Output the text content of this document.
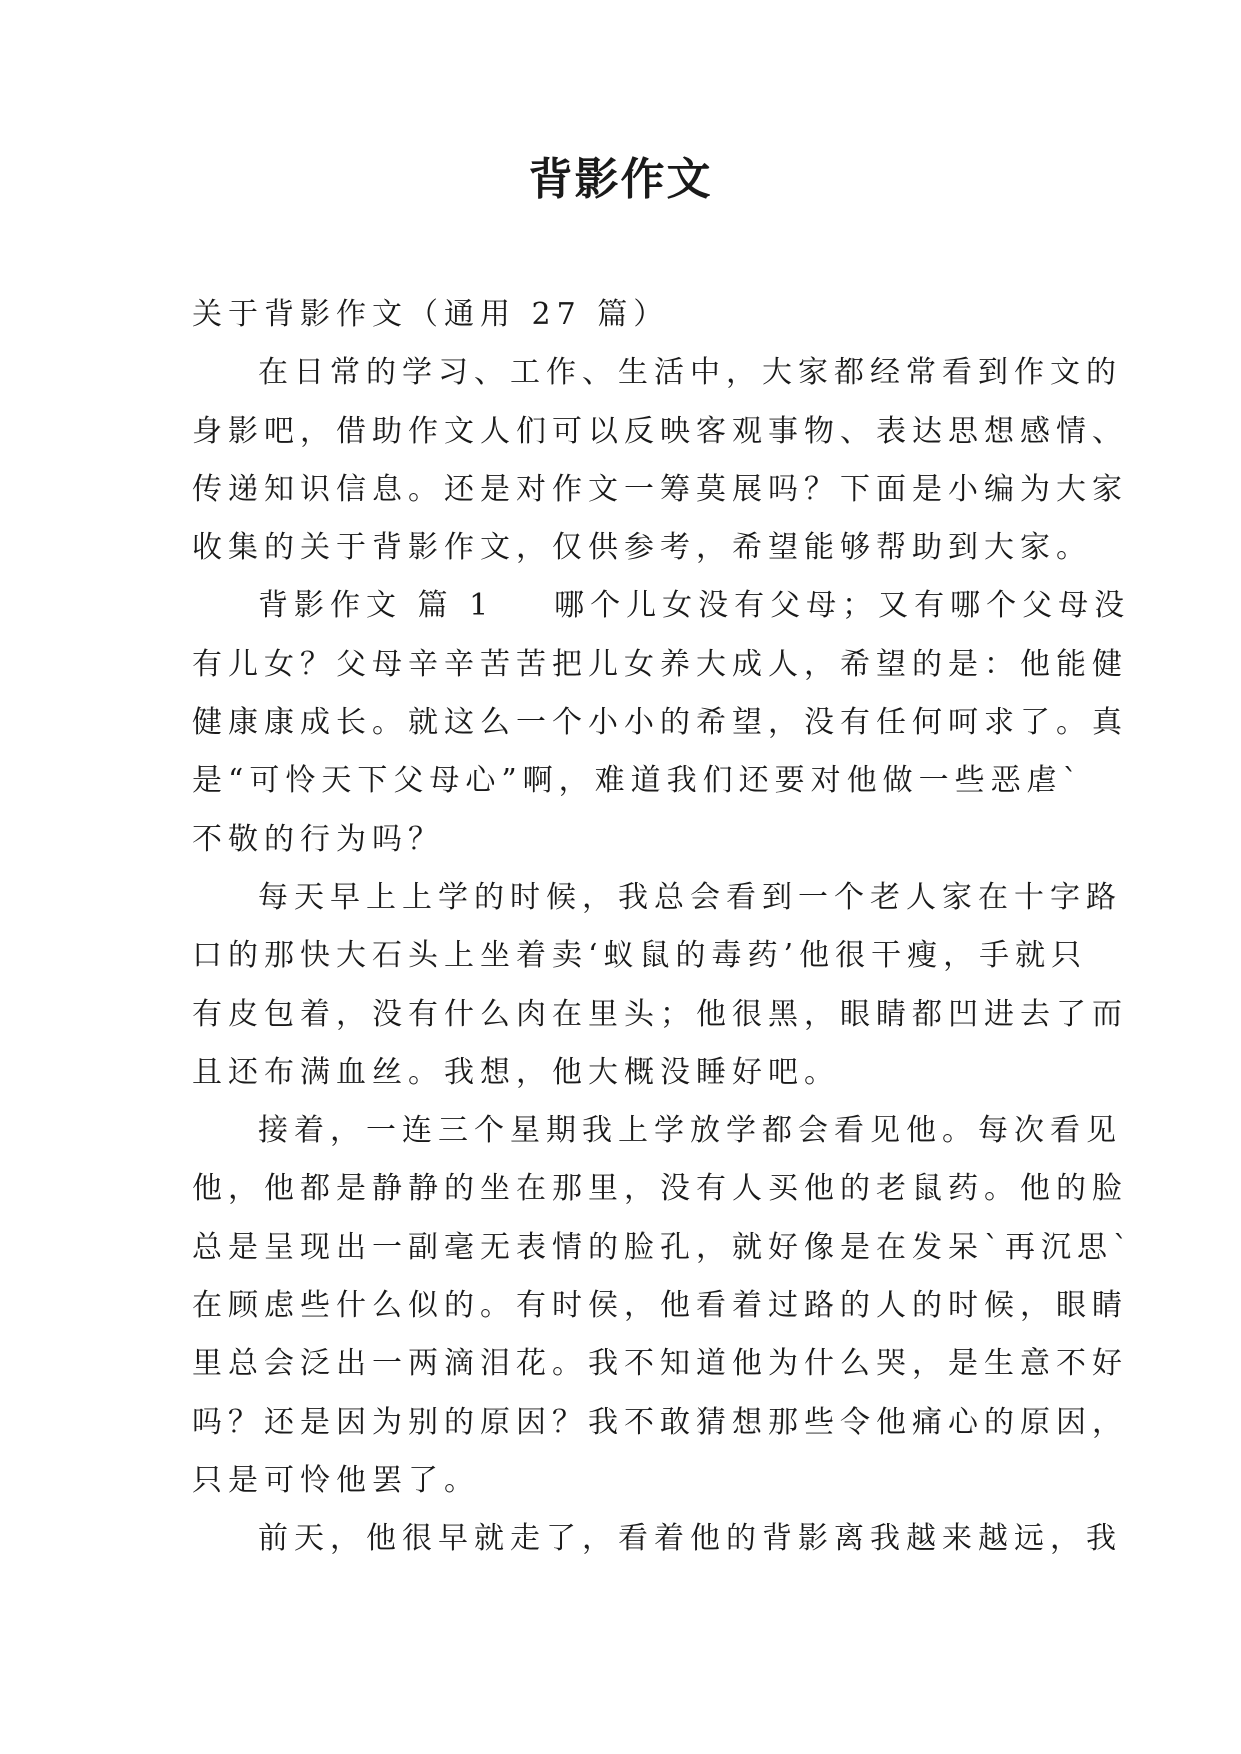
背影作文

关于背影作文（通用 27 篇）

在日常的学习、工作、生活中，大家都经常看到作文的

身影吧，借助作文人们可以反映客观事物、表达思想感情、

传递知识信息。还是对作文一筹莫展吗？下面是小编为大家

收集的关于背影作文，仅供参考，希望能够帮助到大家。

背影作文 篇 1 哪个儿女没有父母；又有哪个父母没

有儿女？父母辛辛苦苦把儿女养大成人，希望的是：他能健

健康康成长。就这么一个小小的希望，没有任何呵求了。真

是“可怜天下父母心”啊，难道我们还要对他做一些恶虐`

不敬的行为吗？

每天早上上学的时候，我总会看到一个老人家在十字路

口的那快大石头上坐着卖‘蚁鼠的毒药’他很干瘦，手就只

有皮包着，没有什么肉在里头；他很黑，眼睛都凹进去了而

且还布满血丝。我想，他大概没睡好吧。

接着，一连三个星期我上学放学都会看见他。每次看见

他，他都是静静的坐在那里，没有人买他的老鼠药。他的脸

总是呈现出一副毫无表情的脸孔，就好像是在发呆`再沉思`

在顾虑些什么似的。有时侯，他看着过路的人的时候，眼睛

里总会泛出一两滴泪花。我不知道他为什么哭，是生意不好

吗？还是因为别的原因？我不敢猜想那些令他痛心的原因，

只是可怜他罢了。

前天，他很早就走了，看着他的背影离我越来越远，我
